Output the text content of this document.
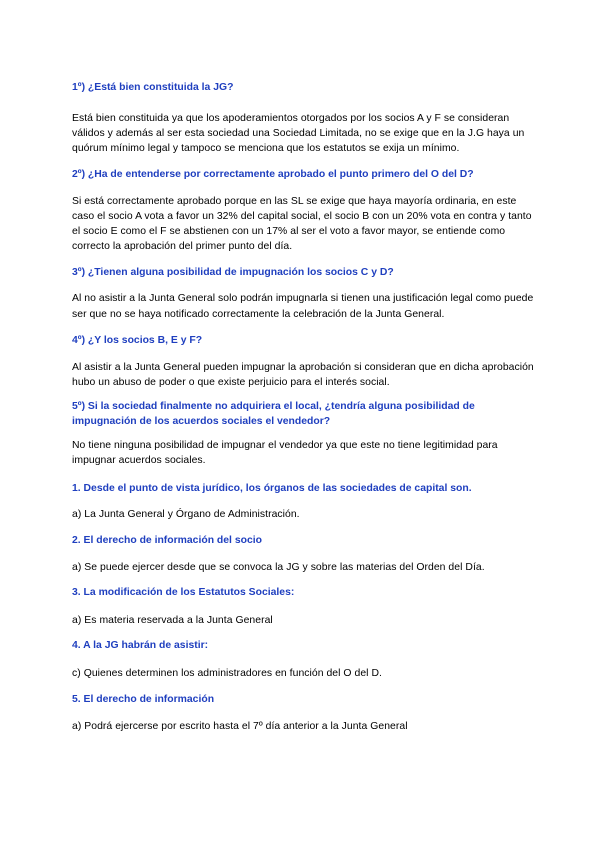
1º) ¿Está bien constituida la JG?

Está bien constituida ya que los apoderamientos otorgados por los socios A y F se consideran válidos y además al ser esta sociedad una Sociedad Limitada, no se exige que en la J.G haya un quórum mínimo legal y tampoco se menciona que los estatutos se exija un mínimo.

2º) ¿Ha de entenderse por correctamente aprobado el punto primero del O del D?

Si está correctamente aprobado porque en las SL se exige que haya mayoría ordinaria, en este caso el socio A vota a favor un 32% del capital social, el socio B con un 20% vota en contra y tanto el socio E como el F se abstienen con un 17% al ser el voto a favor mayor, se entiende como correcto la aprobación del primer punto del día.

3º) ¿Tienen alguna posibilidad de impugnación los socios C y D?

Al no asistir a la Junta General solo podrán impugnarla si tienen una justificación legal como puede ser que no se haya notificado correctamente la celebración de la Junta General.

4º) ¿Y los socios B, E y F?

Al asistir a la Junta General pueden impugnar la aprobación si consideran que en dicha aprobación hubo un abuso de poder o que existe perjuicio para el interés social.

5º) Si la sociedad finalmente no adquiriera el local, ¿tendría alguna posibilidad de impugnación de los acuerdos sociales el vendedor?

No tiene ninguna posibilidad de impugnar el vendedor ya que este no tiene legitimidad para impugnar acuerdos sociales.

1. Desde el punto de vista jurídico, los órganos de las sociedades de capital son.

a) La Junta General y Órgano de Administración.

2. El derecho de información del socio

a) Se puede ejercer desde que se convoca la JG y sobre las materias del Orden del Día.

3. La modificación de los Estatutos Sociales:

a) Es materia reservada a la Junta General

4. A la JG habrán de asistir:

c) Quienes determinen los administradores en función del O del D.

5. El derecho de información

a) Podrá ejercerse por escrito hasta el 7º día anterior a la Junta General
